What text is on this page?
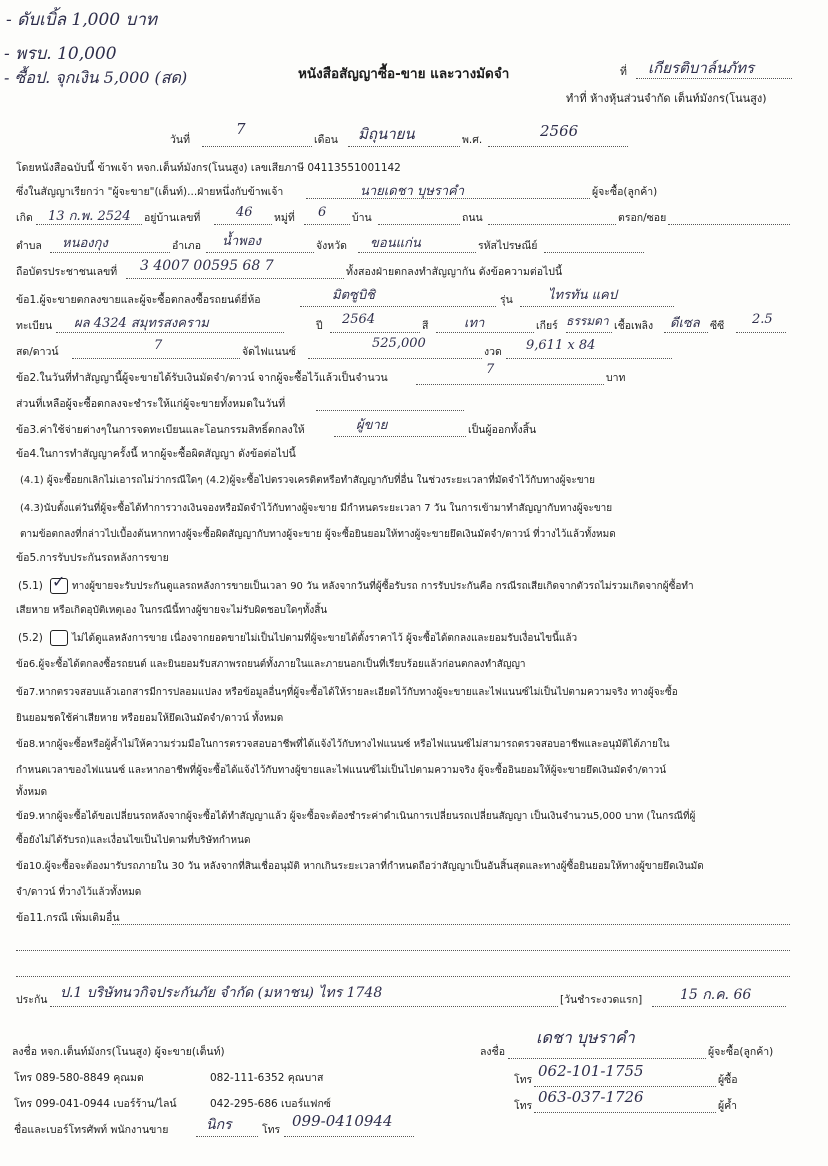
- ดับเบิ้ล 1,000 บาท
- พรบ. 10,000
- ซื้อป. จุกเงิน 5,000 (สด)	หนังสือสัญญาซื้อ-ขาย และวางมัดจำ	ที่ เกียรติบาล์นภัทร
ทำที่ ห้างหุ้นส่วนจำกัด เต็นท์มังกร(โนนสูง)
วันที่
7
เดือน มิถุนายน	พ.ศ.	2566
โดยหนังสือฉบับนี้ ข้าพเจ้า หจก.เต็นท์มังกร(โนนสูง) เลขเสียภาษี 04113551001142
ซึ่งในสัญญาเรียกว่า "ผู้จะขาย"(เต็นท์)...ฝ่ายหนึ่งกับข้าพเจ้า	นายเดชา บุษราคำ	ผู้จะซื้อ(ลูกค้า)
เกิด 13 ก.พ. 2524 อยู่บ้านเลขที่	46 หมู่ที่ 6 บ้าน	ถนน	ตรอก/ซอย
ตำบล หนองกุง	อำเภอ น้ำพอง	จังหวัด ขอนแก่น	รหัสไปรษณีย์
ถือบัตรประชาชนเลขที่ 3 4007 00595 68 7	ทั้งสองฝ่ายตกลงทำสัญญากัน ดังข้อความต่อไปนี้
ข้อ1.ผู้จะขายตกลงขายและผู้จะซื้อตกลงซื้อรถยนต์ยี่ห้อ	มิตซูบิชิ	รุ่น	ไทรทัน แคป
ทะเบียน ผล 4324 สมุทรสงคราม	ปี 2564	สี	เทา	เกียร์ ธรรมดา เชื้อเพลิง ดีเซล ซีซี 2.5
สด/ดาวน์	7	จัดไฟแนนซ์
525,000
งวด 9,611 x 84
ข้อ2.ในวันที่ทำสัญญานี้ผู้จะขายได้รับเงินมัดจำ/ดาวน์ จากผู้จะซื้อไว้แล้วเป็นจำนวน
7
บาท
ส่วนที่เหลือผู้จะซื้อตกลงจะชำระให้แก่ผู้จะขายทั้งหมดในวันที่
ข้อ3.ค่าใช้จ่ายต่างๆในการจดทะเบียนและโอนกรรมสิทธิ์ตกลงให้	ผู้ขาย	เป็นผู้ออกทั้งสิ้น
ข้อ4.ในการทำสัญญาครั้งนี้ หากผู้จะซื้อผิดสัญญา ดังข้อต่อไปนี้
(4.1) ผู้จะซื้อยกเลิกไม่เอารถไม่ว่ากรณีใดๆ (4.2)ผู้จะซื้อไปตรวจเครดิตหรือทำสัญญากับที่อื่น ในช่วงระยะเวลาที่มัดจำไว้กับทางผู้จะขาย
(4.3)นับตั้งแต่วันที่ผู้จะซื้อได้ทำการวางเงินจองหรือมัดจำไว้กับทางผู้จะขาย มีกำหนดระยะเวลา 7 วัน ในการเข้ามาทำสัญญากับทางผู้จะขาย
ตามข้อตกลงที่กล่าวไปเบื้องต้นหากทางผู้จะซื้อผิดสัญญากับทางผู้จะขาย ผู้จะซื้อยินยอมให้ทางผู้จะขายยึดเงินมัดจำ/ดาวน์ ที่วางไว้แล้วทั้งหมด
ข้อ5.การรับประกันรถหลังการขาย
(5.1) ✓ ทางผู้ขายจะรับประกันดูแลรถหลังการขายเป็นเวลา 90 วัน หลังจากวันที่ผู้ซื้อรับรถ การรับประกันคือ กรณีรถเสียเกิดจากตัวรถไม่รวมเกิดจากผู้ซื้อทำ
เสียหาย หรือเกิดอุบัติเหตุเอง ในกรณีนี้ทางผู้ขายจะไม่รับผิดชอบใดๆทั้งสิ้น
(5.2)	ไม่ได้ดูแลหลังการขาย เนื่องจากยอดขายไม่เป็นไปตามที่ผู้จะขายได้ตั้งราคาไว้ ผู้จะซื้อได้ตกลงและยอมรับเงื่อนไขนี้แล้ว
ข้อ6.ผู้จะซื้อได้ตกลงซื้อรถยนต์ และยินยอมรับสภาพรถยนต์ทั้งภายในและภายนอกเป็นที่เรียบร้อยแล้วก่อนตกลงทำสัญญา
ข้อ7.หากตรวจสอบแล้วเอกสารมีการปลอมแปลง หรือข้อมูลอื่นๆที่ผู้จะซื้อได้ให้รายละเอียดไว้กับทางผู้จะขายและไฟแนนซ์ไม่เป็นไปตามความจริง ทางผู้จะซื้อ
ยินยอมชดใช้ค่าเสียหาย หรือยอมให้ยึดเงินมัดจำ/ดาวน์ ทั้งหมด
ข้อ8.หากผู้จะซื้อหรือผู้ค้ำไม่ให้ความร่วมมือในการตรวจสอบอาชีพที่ได้แจ้งไว้กับทางไฟแนนซ์ หรือไฟแนนซ์ไม่สามารถตรวจสอบอาชีพและอนุมัติได้ภายใน
กำหนดเวลาของไฟแนนซ์ และหากอาชีพที่ผู้จะซื้อได้แจ้งไว้กับทางผู้ขายและไฟแนนซ์ไม่เป็นไปตามความจริง ผู้จะซื้ออินยอมให้ผู้จะขายยึดเงินมัดจำ/ดาวน์
ทั้งหมด
ข้อ9.หากผู้จะซื้อได้ขอเปลี่ยนรถหลังจากผู้จะซื้อได้ทำสัญญาแล้ว ผู้จะซื้อจะต้องชำระค่าดำเนินการเปลี่ยนรถเปลี่ยนสัญญา เป็นเงินจำนวน5,000 บาท (ในกรณีที่ผู้
ซื้อยังไม่ได้รับรถ)และเงื่อนไขเป็นไปตามที่บริษัทกำหนด
ข้อ10.ผู้จะซื้อจะต้องมารับรถภายใน 30 วัน หลังจากที่สินเชื่ออนุมัติ หากเกินระยะเวลาที่กำหนดถือว่าสัญญาเป็นอันสิ้นสุดและทางผู้ซื้อยินยอมให้ทางผู้ขายยึดเงินมัด
จำ/ดาวน์ ที่วางไว้แล้วทั้งหมด
ข้อ11.กรณี เพิ่มเติมอื่น
ประกัน ป.1 บริษัทนวกิจประกันภัย จำกัด (มหาชน) ไทร 1748	[วันชำระงวดแรก]	15 ก.ค. 66
ลงชื่อ หจก.เต็นท์มังกร(โนนสูง) ผู้จะขาย(เต็นท์)
โทร 089-580-8849 คุณมด	082-111-6352 คุณบาส
โทร 099-041-0944 เบอร์ร้าน/ไลน์	042-295-686 เบอร์แฟกซ์
ชื่อและเบอร์โทรศัพท์ พนักงานขาย	นิกร	โทร 099-0410944
ลงชื่อ
เดชา บุษราคำ
ผู้จะซื้อ(ลูกค้า)
โทร 062-101-1755	ผู้ซื้อ
โทร 063-037-1726	ผู้ค้ำ
